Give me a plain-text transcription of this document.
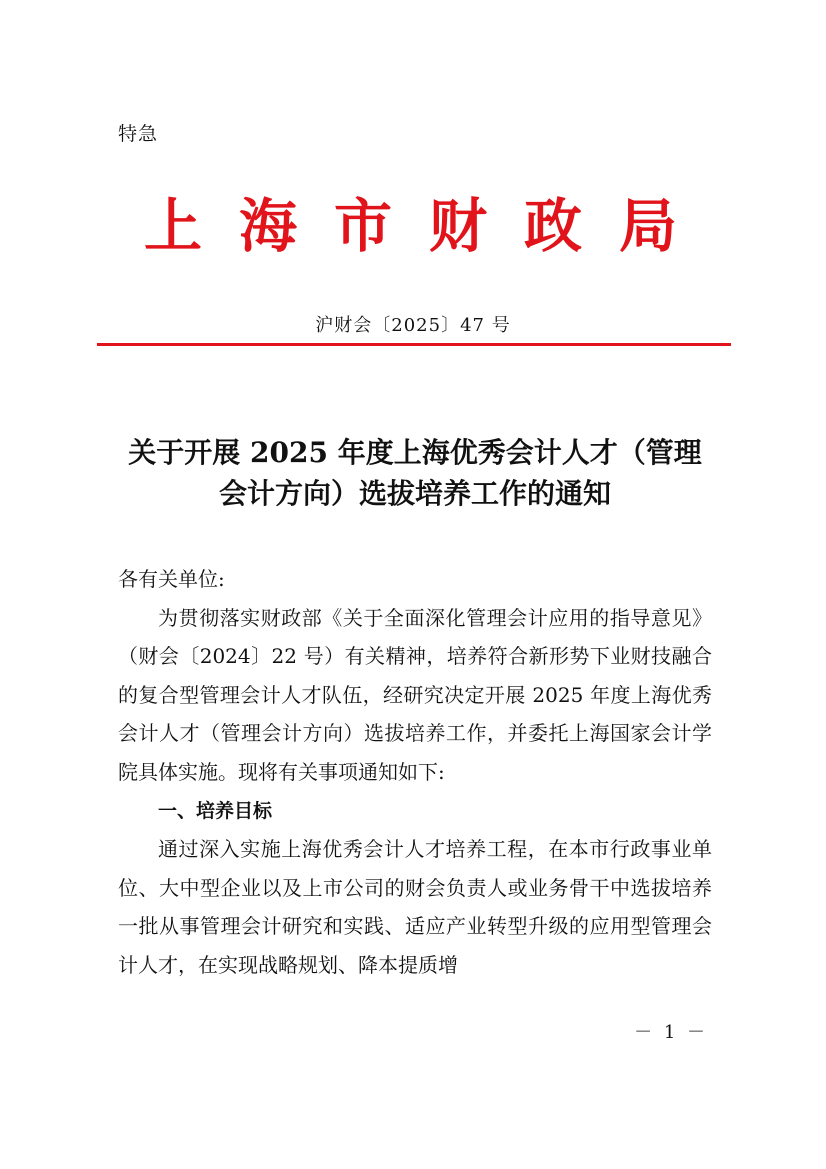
特急
上海市财政局
沪财会〔2025〕47 号
关于开展 2025 年度上海优秀会计人才（管理
会计方向）选拔培养工作的通知

各有关单位:

为贯彻落实财政部《关于全面深化管理会计应用的指导意见》（财会〔2024〕22 号）有关精神，培养符合新形势下业财技融合的复合型管理会计人才队伍，经研究决定开展 2025 年度上海优秀会计人才（管理会计方向）选拔培养工作，并委托上海国家会计学院具体实施。现将有关事项通知如下:

一、培养目标

通过深入实施上海优秀会计人才培养工程，在本市行政事业单位、大中型企业以及上市公司的财会负责人或业务骨干中选拔培养一批从事管理会计研究和实践、适应产业转型升级的应用型管理会计人才，在实现战略规划、降本提质增

－ 1 －
